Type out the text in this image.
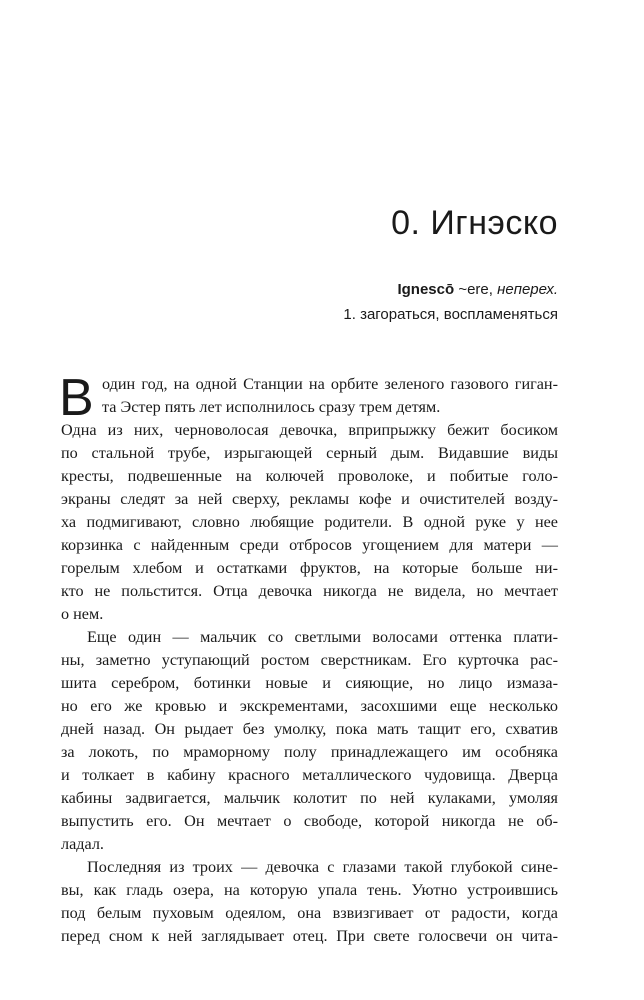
0. Игнэско
Ignescō ~ere, неперех.
1. загораться, воспламеняться
В один год, на одной Станции на орбите зеленого газового гиган-
та Эстер пять лет исполнилось сразу трем детям.
Одна из них, черноволосая девочка, вприпрыжку бежит босиком
по стальной трубе, изрыгающей серный дым. Видавшие виды
кресты, подвешенные на колючей проволоке, и побитые голо-
экраны следят за ней сверху, рекламы кофе и очистителей возду-
ха подмигивают, словно любящие родители. В одной руке у нее
корзинка с найденным среди отбросов угощением для матери —
горелым хлебом и остатками фруктов, на которые больше ни-
кто не польстится. Отца девочка никогда не видела, но мечтает
о нем.
Еще один — мальчик со светлыми волосами оттенка плати-
ны, заметно уступающий ростом сверстникам. Его курточка рас-
шита серебром, ботинки новые и сияющие, но лицо измаза-
но его же кровью и экскрементами, засохшими еще несколько
дней назад. Он рыдает без умолку, пока мать тащит его, схватив
за локоть, по мраморному полу принадлежащего им особняка
и толкает в кабину красного металлического чудовища. Дверца
кабины задвигается, мальчик колотит по ней кулаками, умоляя
выпустить его. Он мечтает о свободе, которой никогда не об-
ладал.
Последняя из троих — девочка с глазами такой глубокой сине-
вы, как гладь озера, на которую упала тень. Уютно устроившись
под белым пуховым одеялом, она взвизгивает от радости, когда
перед сном к ней заглядывает отец. При свете голосвечи он чита-
